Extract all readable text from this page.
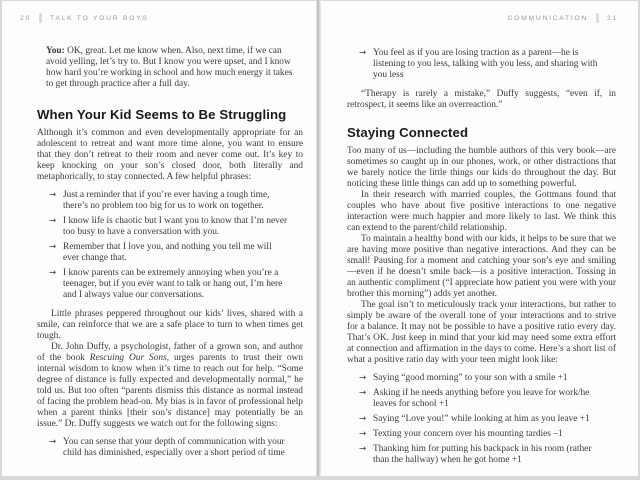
20	TALK TO YOUR BOYS

You: OK, great. Let me know when. Also, next time, if we can avoid yelling, let’s try to. But I know you were upset, and I know how hard you’re working in school and how much energy it takes to get through practice after a full day.

When Your Kid Seems to Be Struggling

Although it’s common and even developmentally appropriate for an adolescent to retreat and want more time alone, you want to ensure that they don’t retreat to their room and never come out. It’s key to keep knocking on your son’s closed door, both literally and metaphorically, to stay connected. A few helpful phrases:

→ Just a reminder that if you’re ever having a tough time, there’s no problem too big for us to work on together.
→ I know life is chaotic but I want you to know that I’m never too busy to have a conversation with you.
→ Remember that I love you, and nothing you tell me will ever change that.
→ I know parents can be extremely annoying when you’re a teenager, but if you ever want to talk or hang out, I’m here and I always value our conversations.

Little phrases peppered throughout our kids’ lives, shared with a smile, can reinforce that we are a safe place to turn to when times get tough.

Dr. John Duffy, a psychologist, father of a grown son, and author of the book Rescuing Our Sons, urges parents to trust their own internal wisdom to know when it’s time to reach out for help. “Some degree of distance is fully expected and developmentally normal,” he told us. But too often “parents dismiss this distance as normal instead of facing the problem head-on. My bias is in favor of professional help when a parent thinks [their son’s distance] may potentially be an issue.” Dr. Duffy suggests we watch out for the following signs:

→ You can sense that your depth of communication with your child has diminished, especially over a short period of time
COMMUNICATION	21
→ You feel as if you are losing traction as a parent—he is listening to you less, talking with you less, and sharing with you less

“Therapy is rarely a mistake,” Duffy suggests, “even if, in retrospect, it seems like an overreaction.”

Staying Connected

Too many of us—including the humble authors of this very book—are sometimes so caught up in our phones, work, or other distractions that we barely notice the little things our kids do throughout the day. But noticing these little things can add up to something powerful.

In their research with married couples, the Gottmans found that couples who have about five positive interactions to one negative interaction were much happier and more likely to last. We think this can extend to the parent/child relationship.

To maintain a healthy bond with our kids, it helps to be sure that we are having more positive than negative interactions. And they can be small! Pausing for a moment and catching your son’s eye and smiling—even if he doesn’t smile back—is a positive interaction. Tossing in an authentic compliment (“I appreciate how patient you were with your brother this morning”) adds yet another.

The goal isn’t to meticulously track your interactions, but rather to simply be aware of the overall tone of your interactions and to strive for a balance. It may not be possible to have a positive ratio every day. That’s OK. Just keep in mind that your kid may need some extra effort at connection and affirmation in the days to come. Here’s a short list of what a positive ratio day with your teen might look like:

→ Saying “good morning” to your son with a smile +1
→ Asking if he needs anything before you leave for work/he leaves for school +1
→ Saying “Love you!” while looking at him as you leave +1
→ Texting your concern over his mounting tardies –1
→ Thanking him for putting his backpack in his room (rather than the hallway) when he got home +1
